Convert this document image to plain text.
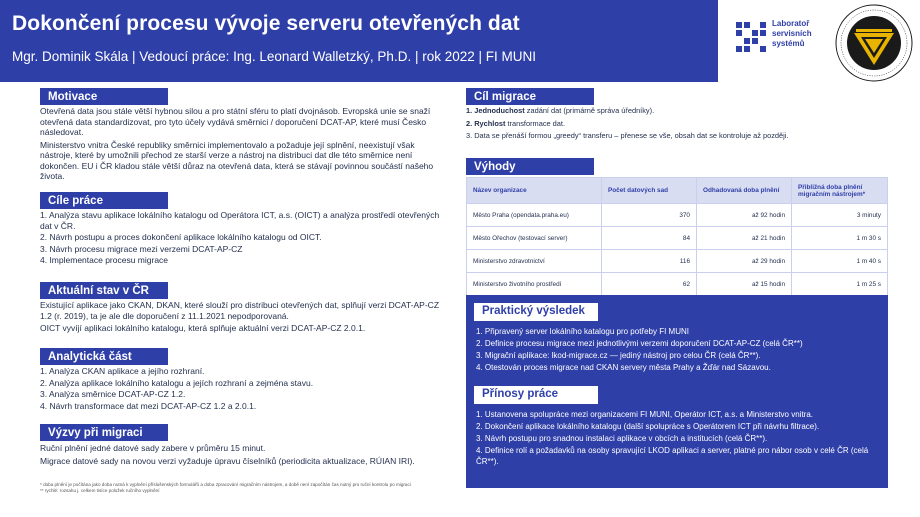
Dokončení procesu vývoje serveru otevřených dat
Mgr. Dominik Skála | Vedoucí práce: Ing. Leonard Walletzký, Ph.D. | rok 2022 | FI MUNI
Laboratoř
servisních
systémů
Motivace

Otevřená data jsou stále větší hybnou silou a pro státní sféru to platí dvojnásob. Evropská unie se snaží otevřená data standardizovat, pro tyto účely vydává směrnici / doporučení DCAT-AP, které musí Česko následovat.

Ministerstvo vnitra České republiky směrnici implementovalo a požaduje její splnění, neexistují však nástroje, které by umožnili přechod ze starší verze a nástroj na distribuci dat dle této směrnice není dokončen. EU i ČR kladou stále větší důraz na otevřená data, která se stávají povinnou součástí našeho života.

Cíle práce
1. Analýza stavu aplikace lokálního katalogu od Operátora ICT, a.s. (OICT) a analýza prostředí otevřených dat v ČR.
2. Návrh postupu a proces dokončení aplikace lokálního katalogu od OICT.
3. Návrh procesu migrace mezi verzemi DCAT-AP-CZ
4. Implementace procesu migrace
Aktuální stav v ČR

Existující aplikace jako CKAN, DKAN, které slouží pro distribuci otevřených dat, splňují verzi DCAT-AP-CZ 1.2 (r. 2019), ta je ale dle doporučení z 11.1.2021 nepodporovaná.

OICT vyvíjí aplikaci lokálního katalogu, která splňuje aktuální verzi DCAT-AP-CZ 2.0.1.

Analytická část
1. Analýza CKAN aplikace a jejího rozhraní.
2. Analýza aplikace lokálního katalogu a jejích rozhraní a zejména stavu.
3. Analýza směrnice DCAT-AP-CZ 1.2.
4. Návrh transformace dat mezi DCAT-AP-CZ 1.2 a 2.0.1.
Výzvy při migraci

Ruční plnění jedné datové sady zabere v průměru 15 minut.

Migrace datové sady na novou verzi vyžaduje úpravu číselníků (periodicita aktualizace, RÚIAN IRI).

* doba plnění je počítána jako doba nutná k vyplnění příslušenských formulářů a doba zpracování migračním nástrojem, a době není započítán čas nutný pro ruční kontrolu po migraci
** rychlé: rozsahu j. celkem tisíce položek ručního vyplnění
Cíl migrace
1. Jednoduchost zadání dat (primárně správa úředníky).
2. Rychlost transformace dat.
3. Data se přenáší formou „greedy“ transferu – přenese se vše, obsah dat se kontroluje až později.
Výhody
Název organizace	Počet datových sad	Odhadovaná doba plnění	Přibližná doba plnění migračním nástrojem*
Město Praha (opendata.praha.eu)	370	až 92 hodin	3 minuty
Město Ořechov (testovací server)	84	až 21 hodin	1 m 30 s
Ministerstvo zdravotnictví	116	až 29 hodin	1 m 40 s
Ministerstvo životního prostředí	62	až 15 hodin	1 m 25 s
Praktický výsledek
1. Připravený server lokálního katalogu pro potřeby FI MUNI
2. Definice procesu migrace mezi jednotlivými verzemi doporučení DCAT-AP-CZ (celá ČR**)
3. Migrační aplikace: lkod-migrace.cz — jediný nástroj pro celou ČR (celá ČR**).
4. Otestován proces migrace nad CKAN servery města Prahy a Žďár nad Sázavou.
Přínosy práce
1. Ustanovena spolupráce mezi organizacemi FI MUNI, Operátor ICT, a.s. a Ministerstvo vnitra.
2. Dokončení aplikace lokálního katalogu (další spolupráce s Operátorem ICT při návrhu filtrace).
3. Návrh postupu pro snadnou instalaci aplikace v obcích a institucích (celá ČR**).
4. Definice rolí a požadavků na osoby spravující LKOD aplikaci a server, platné pro nábor osob v celé ČR (celá ČR**).
